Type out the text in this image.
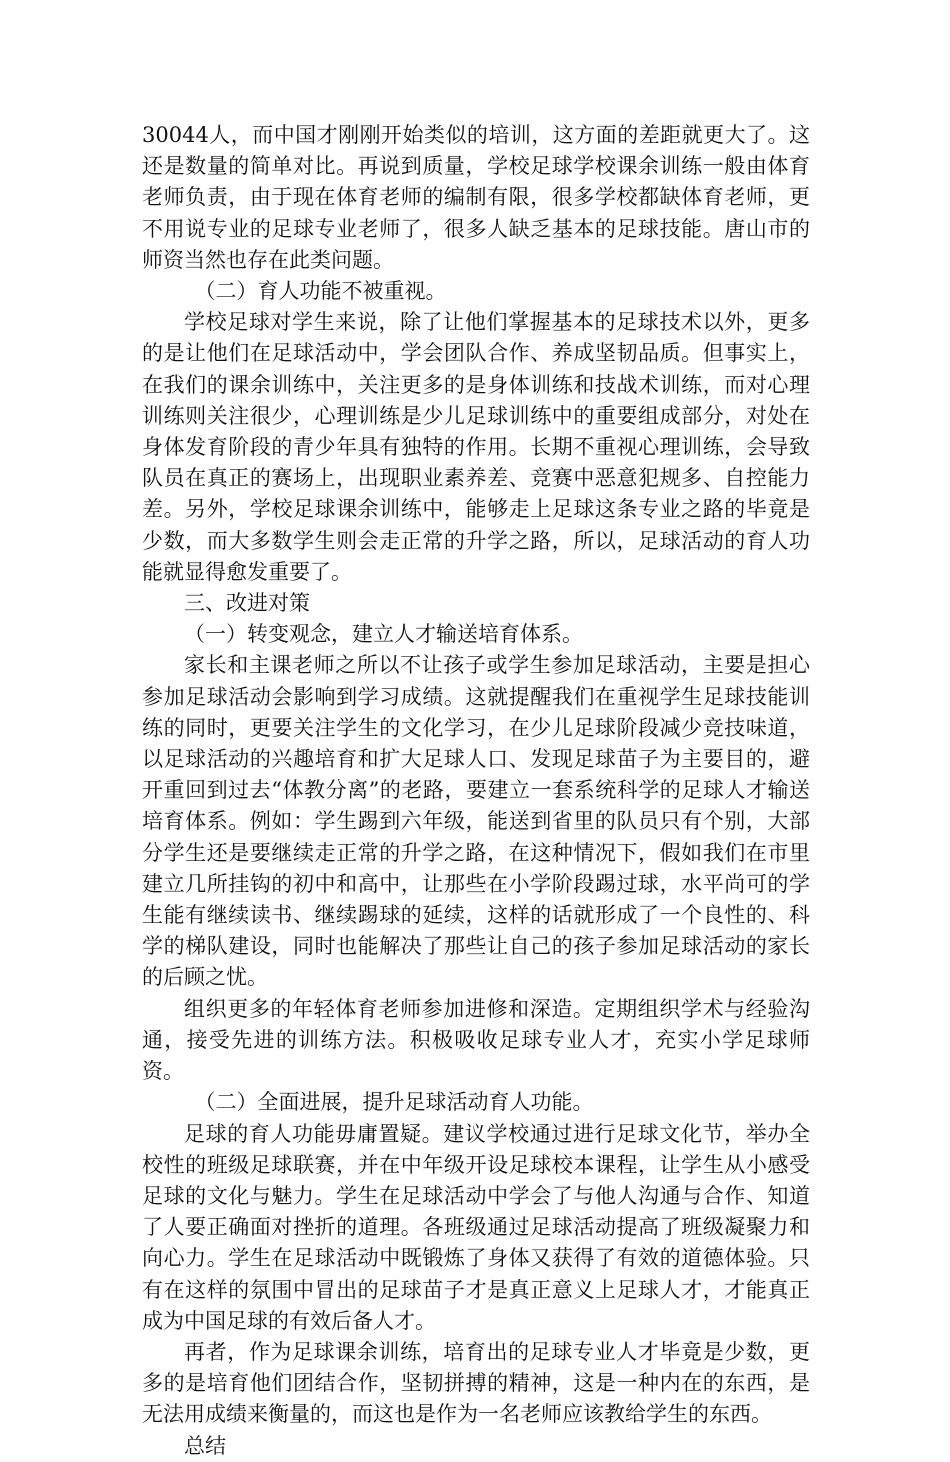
30044人，而中国才刚刚开始类似的培训，这方面的差距就更大了。这还是数量的简单对比。再说到质量，学校足球学校课余训练一般由体育老师负责，由于现在体育老师的编制有限，很多学校都缺体育老师，更不用说专业的足球专业老师了，很多人缺乏基本的足球技能。唐山市的师资当然也存在此类问题。

（二）育人功能不被重视。

学校足球对学生来说，除了让他们掌握基本的足球技术以外，更多的是让他们在足球活动中，学会团队合作、养成坚韧品质。但事实上，在我们的课余训练中，关注更多的是身体训练和技战术训练，而对心理训练则关注很少，心理训练是少儿足球训练中的重要组成部分，对处在身体发育阶段的青少年具有独特的作用。长期不重视心理训练，会导致队员在真正的赛场上，出现职业素养差、竞赛中恶意犯规多、自控能力差。另外，学校足球课余训练中，能够走上足球这条专业之路的毕竟是少数，而大多数学生则会走正常的升学之路，所以，足球活动的育人功能就显得愈发重要了。

三、改进对策

（一）转变观念，建立人才输送培育体系。

家长和主课老师之所以不让孩子或学生参加足球活动，主要是担心参加足球活动会影响到学习成绩。这就提醒我们在重视学生足球技能训练的同时，更要关注学生的文化学习，在少儿足球阶段减少竞技味道，以足球活动的兴趣培育和扩大足球人口、发现足球苗子为主要目的，避开重回到过去“体教分离”的老路，要建立一套系统科学的足球人才输送培育体系。例如：学生踢到六年级，能送到省里的队员只有个别，大部分学生还是要继续走正常的升学之路，在这种情况下，假如我们在市里建立几所挂钩的初中和高中，让那些在小学阶段踢过球，水平尚可的学生能有继续读书、继续踢球的延续，这样的话就形成了一个良性的、科学的梯队建设，同时也能解决了那些让自己的孩子参加足球活动的家长的后顾之忧。

组织更多的年轻体育老师参加进修和深造。定期组织学术与经验沟通，接受先进的训练方法。积极吸收足球专业人才，充实小学足球师资。

（二）全面进展，提升足球活动育人功能。

足球的育人功能毋庸置疑。建议学校通过进行足球文化节，举办全校性的班级足球联赛，并在中年级开设足球校本课程，让学生从小感受足球的文化与魅力。学生在足球活动中学会了与他人沟通与合作、知道了人要正确面对挫折的道理。各班级通过足球活动提高了班级凝聚力和向心力。学生在足球活动中既锻炼了身体又获得了有效的道德体验。只有在这样的氛围中冒出的足球苗子才是真正意义上足球人才，才能真正成为中国足球的有效后备人才。

再者，作为足球课余训练，培育出的足球专业人才毕竟是少数，更多的是培育他们团结合作，坚韧拼搏的精神，这是一种内在的东西，是无法用成绩来衡量的，而这也是作为一名老师应该教给学生的东西。

总结
